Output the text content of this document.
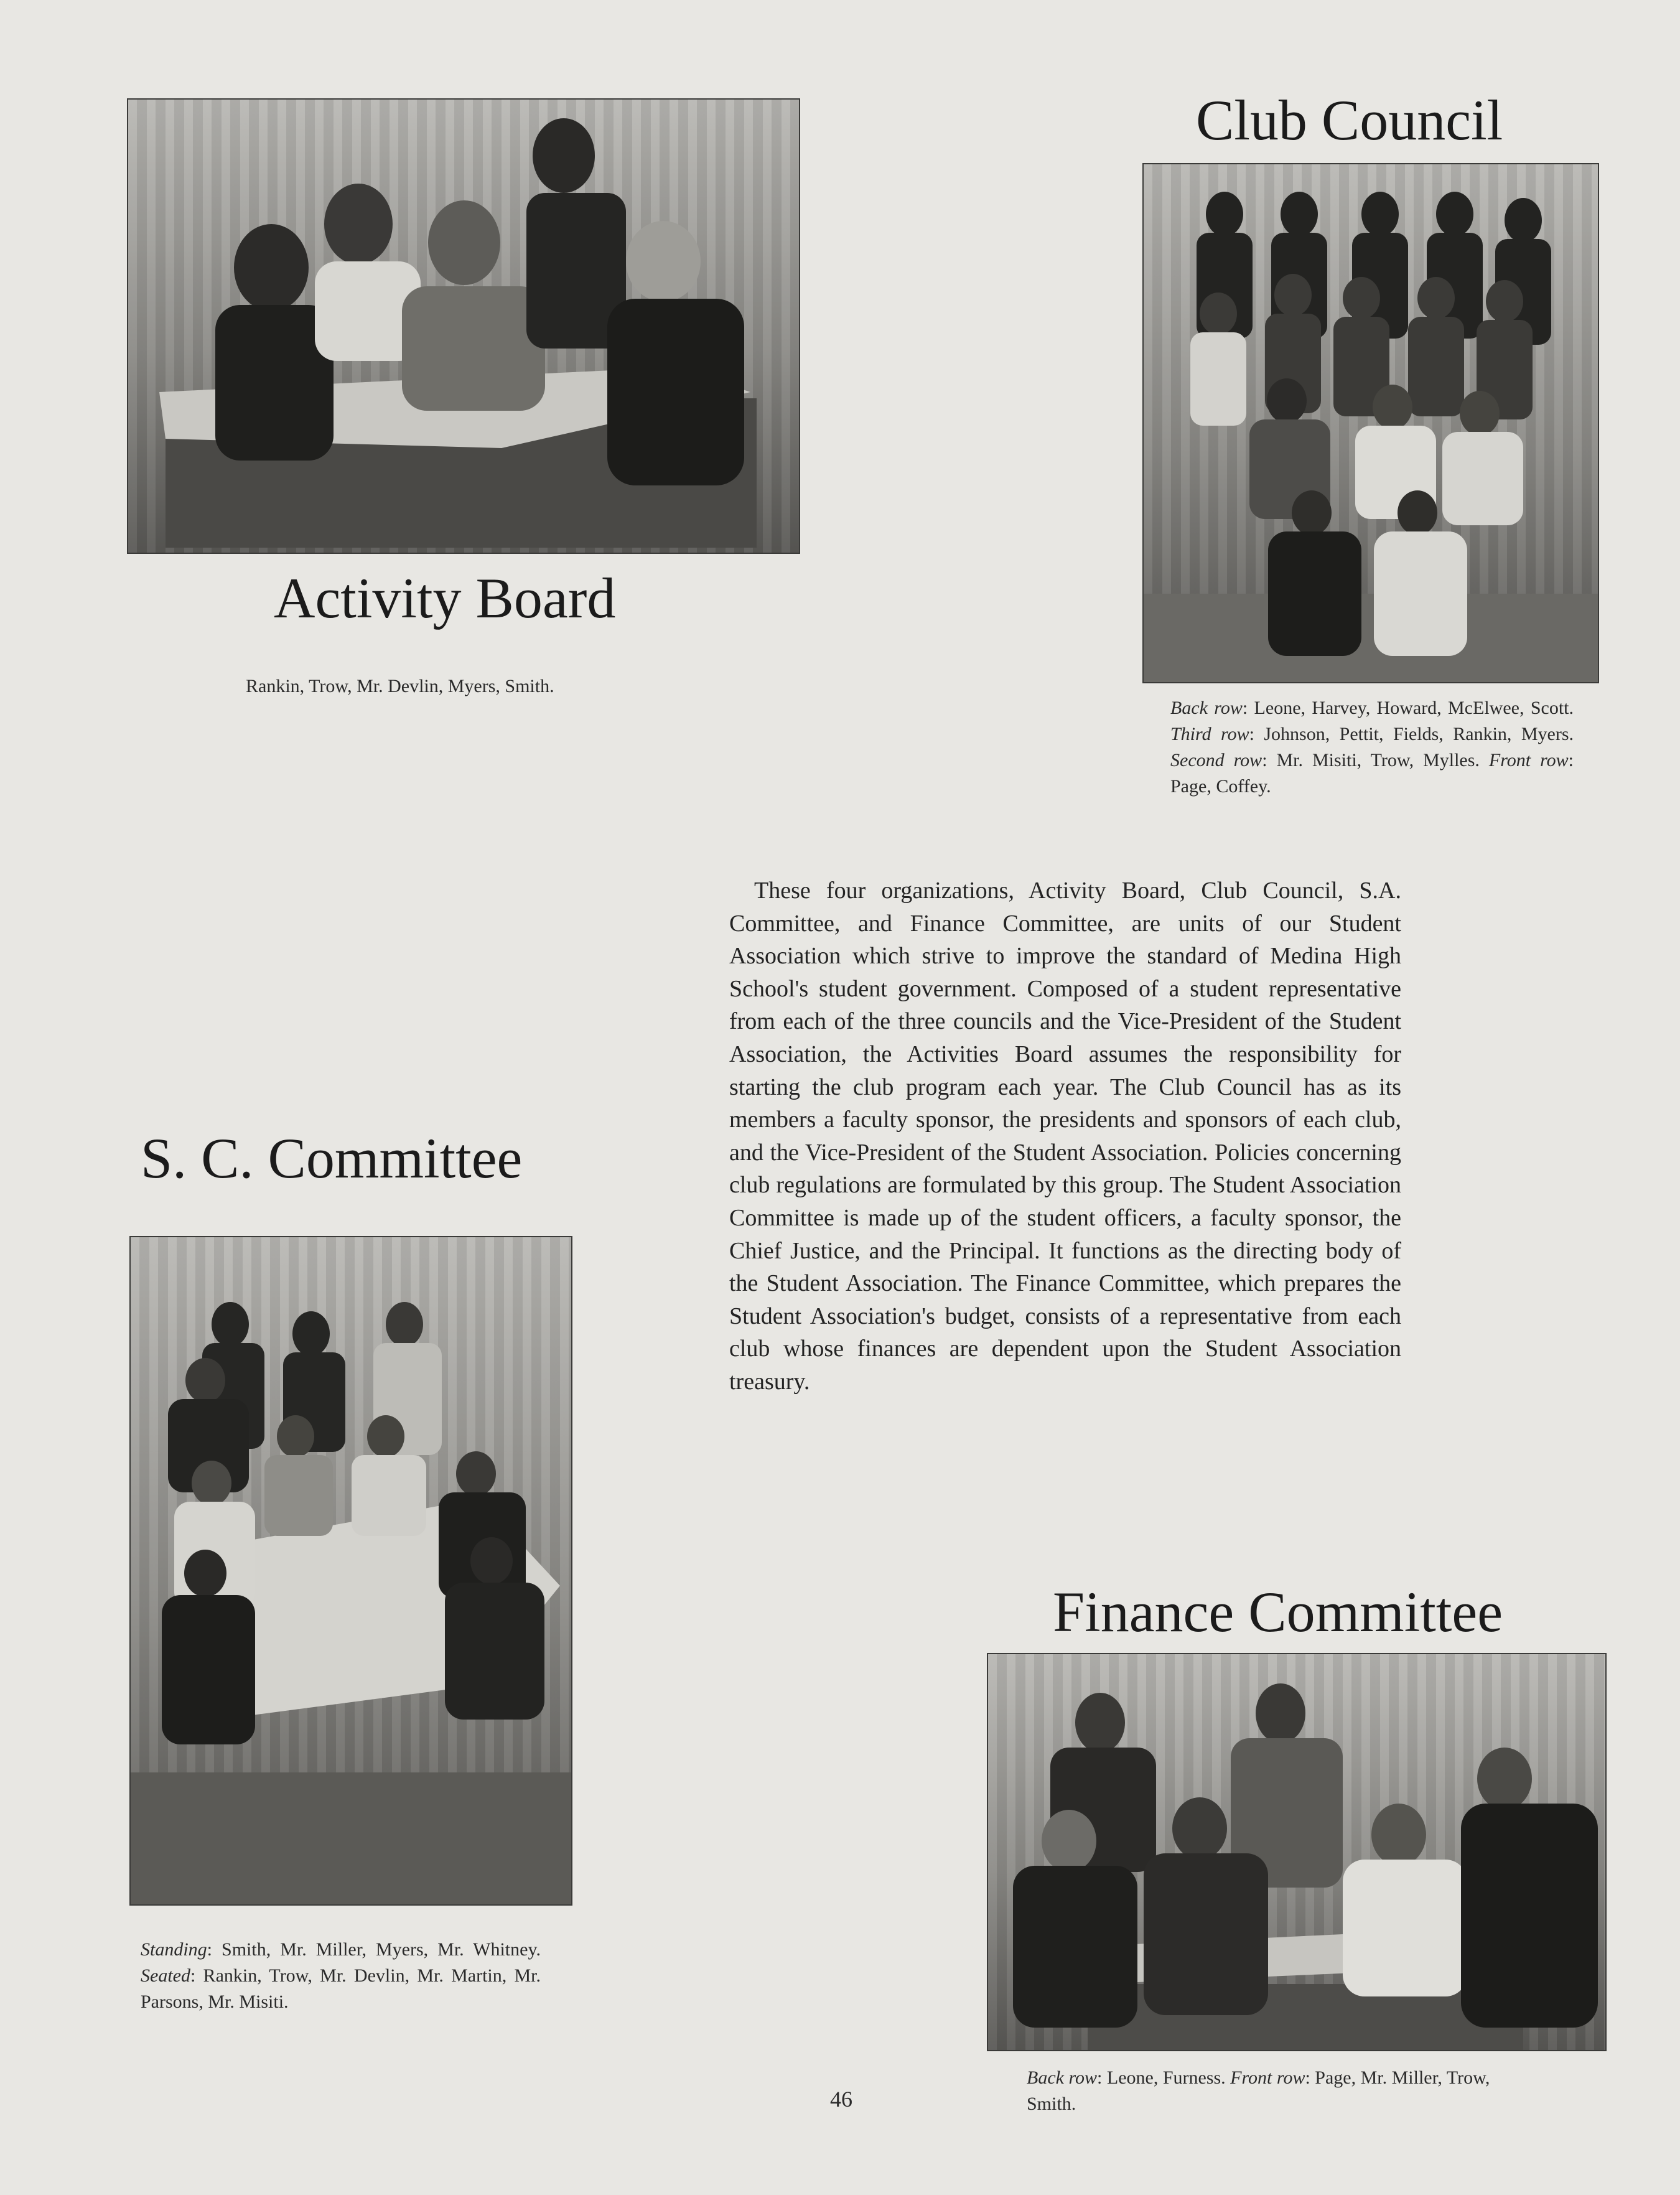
Activity Board

Rankin, Trow, Mr. Devlin, Myers, Smith.

Club Council

Back row: Leone, Harvey, Howard, McElwee, Scott. Third row: Johnson, Pettit, Fields, Rankin, Myers. Second row: Mr. Misiti, Trow, Mylles. Front row: Page, Coffey.

These four organizations, Activity Board, Club Council, S.A. Committee, and Finance Committee, are units of our Student Association which strive to improve the standard of Medina High School's student government. Composed of a student representative from each of the three councils and the Vice-President of the Student Association, the Activities Board assumes the responsibility for starting the club program each year. The Club Council has as its members a faculty sponsor, the presidents and sponsors of each club, and the Vice-President of the Student Association. Policies concerning club regulations are formulated by this group. The Student Association Committee is made up of the student officers, a faculty sponsor, the Chief Justice, and the Principal. It functions as the directing body of the Student Association. The Finance Committee, which prepares the Student Association's budget, consists of a representative from each club whose finances are dependent upon the Student Association treasury.

S. C. Committee

Standing: Smith, Mr. Miller, Myers, Mr. Whitney. Seated: Rankin, Trow, Mr. Devlin, Mr. Martin, Mr. Parsons, Mr. Misiti.

Finance Committee

Back row: Leone, Furness. Front row: Page, Mr. Miller, Trow, Smith.

46
